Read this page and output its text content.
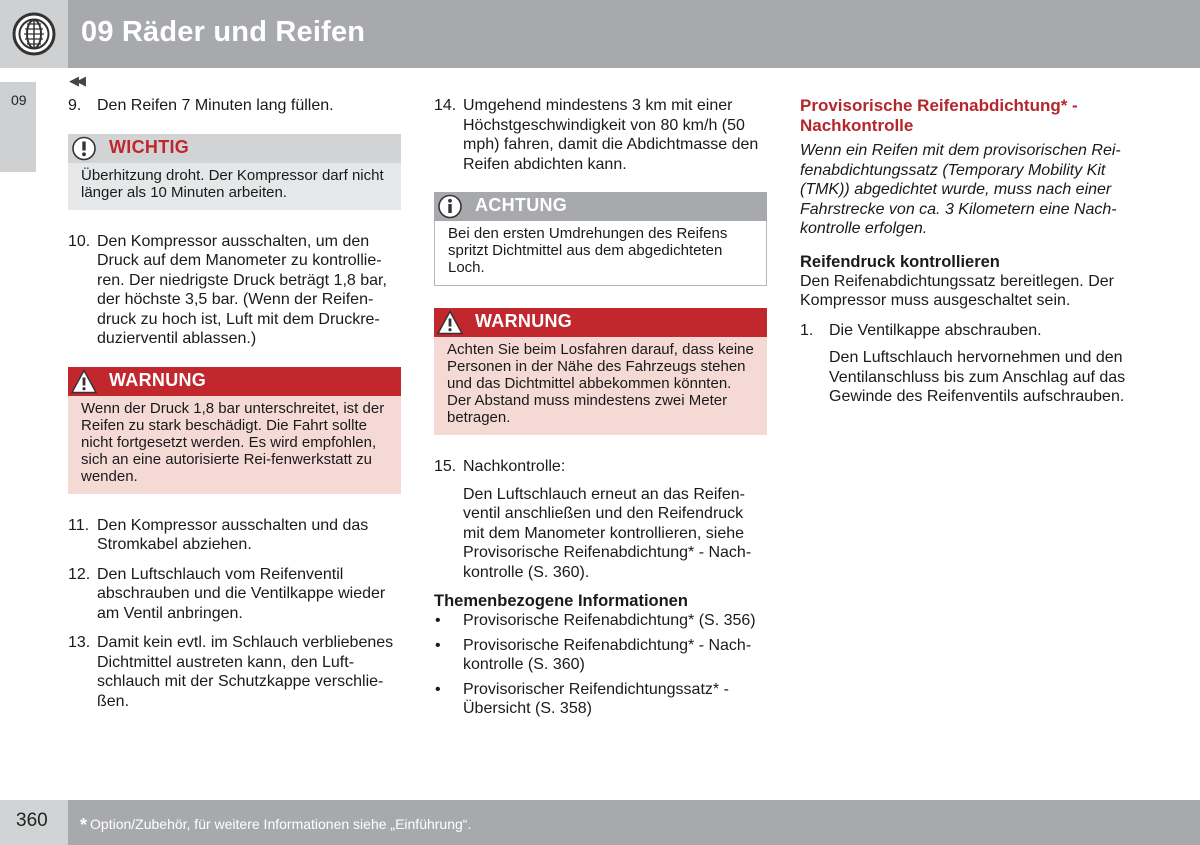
09 Räder und Reifen
09
◀◀
9. Den Reifen 7 Minuten lang füllen.
WICHTIG
Überhitzung droht. Der Kompressor darf nicht länger als 10 Minuten arbeiten.
10. Den Kompressor ausschalten, um den Druck auf dem Manometer zu kontrollie-ren. Der niedrigste Druck beträgt 1,8 bar, der höchste 3,5 bar. (Wenn der Reifen-druck zu hoch ist, Luft mit dem Druckre-duzierventil ablassen.)
WARNUNG
Wenn der Druck 1,8 bar unterschreitet, ist der Reifen zu stark beschädigt. Die Fahrt sollte nicht fortgesetzt werden. Es wird empfohlen, sich an eine autorisierte Rei-fenwerkstatt zu wenden.
11. Den Kompressor ausschalten und das Stromkabel abziehen.
12. Den Luftschlauch vom Reifenventil abschrauben und die Ventilkappe wieder am Ventil anbringen.
13. Damit kein evtl. im Schlauch verbliebenes Dichtmittel austreten kann, den Luft-schlauch mit der Schutzkappe verschlie-ßen.
14. Umgehend mindestens 3 km mit einer Höchstgeschwindigkeit von 80 km/h (50 mph) fahren, damit die Abdichtmasse den Reifen abdichten kann.
ACHTUNG
Bei den ersten Umdrehungen des Reifens spritzt Dichtmittel aus dem abgedichteten Loch.
WARNUNG
Achten Sie beim Losfahren darauf, dass keine Personen in der Nähe des Fahrzeugs stehen und das Dichtmittel abbekommen könnten. Der Abstand muss mindestens zwei Meter betragen.
15. Nachkontrolle:
Den Luftschlauch erneut an das Reifen-ventil anschließen und den Reifendruck mit dem Manometer kontrollieren, siehe Provisorische Reifenabdichtung* - Nach-kontrolle (S. 360).
Themenbezogene Informationen
• Provisorische Reifenabdichtung* (S. 356)
• Provisorische Reifenabdichtung* - Nach-kontrolle (S. 360)
• Provisorischer Reifendichtungssatz* - Übersicht (S. 358)
Provisorische Reifenabdichtung* - Nachkontrolle
Wenn ein Reifen mit dem provisorischen Rei-fenabdichtungssatz (Temporary Mobility Kit (TMK)) abgedichtet wurde, muss nach einer Fahrstrecke von ca. 3 Kilometern eine Nach-kontrolle erfolgen.
Reifendruck kontrollieren
Den Reifenabdichtungssatz bereitlegen. Der Kompressor muss ausgeschaltet sein.
1. Die Ventilkappe abschrauben.
Den Luftschlauch hervornehmen und den Ventilanschluss bis zum Anschlag auf das Gewinde des Reifenventils aufschrauben.
360 * Option/Zubehör, für weitere Informationen siehe „Einführung“.
